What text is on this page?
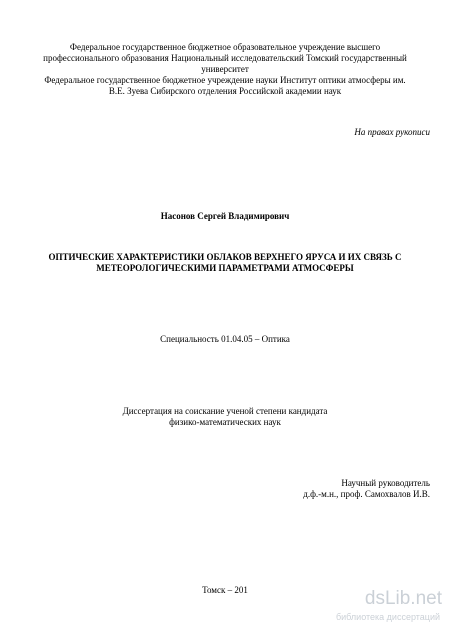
Федеральное государственное бюджетное образовательное учреждение высшего
профессионального образования Национальный исследовательский Томский государственный
университет
Федеральное государственное бюджетное учреждение науки Институт оптики атмосферы им.
В.Е. Зуева Сибирского отделения Российской академии наук
На правах рукописи
Насонов Сергей Владимирович
ОПТИЧЕСКИЕ ХАРАКТЕРИСТИКИ ОБЛАКОВ ВЕРХНЕГО ЯРУСА И ИХ СВЯЗЬ С
МЕТЕОРОЛОГИЧЕСКИМИ ПАРАМЕТРАМИ АТМОСФЕРЫ
Специальность 01.04.05 – Оптика
Диссертация на соискание ученой степени кандидата
физико-математических наук
Научный руководитель
д.ф.-м.н., проф. Самохвалов И.В.
Томск – 201	dsLib.net
библиотека диссертаций
